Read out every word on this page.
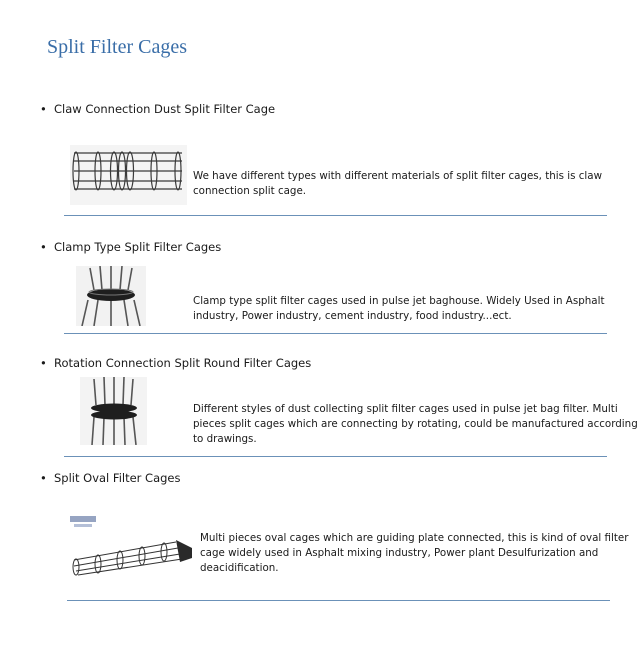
Split Filter Cages
• Claw Connection Dust Split Filter Cage
We have different types with different materials of split filter cages, this is claw
connection split cage.
• Clamp Type Split Filter Cages
Clamp type split filter cages used in pulse jet baghouse. Widely Used in Asphalt
industry, Power industry, cement industry, food industry...ect.
• Rotation Connection Split Round Filter Cages
Different styles of dust collecting split filter cages used in pulse jet bag filter. Multi
pieces split cages which are connecting by rotating, could be manufactured according
to drawings.
• Split Oval Filter Cages
Multi pieces oval cages which are guiding plate connected, this is kind of oval filter
cage widely used in Asphalt mixing industry, Power plant Desulfurization and
deacidification.
